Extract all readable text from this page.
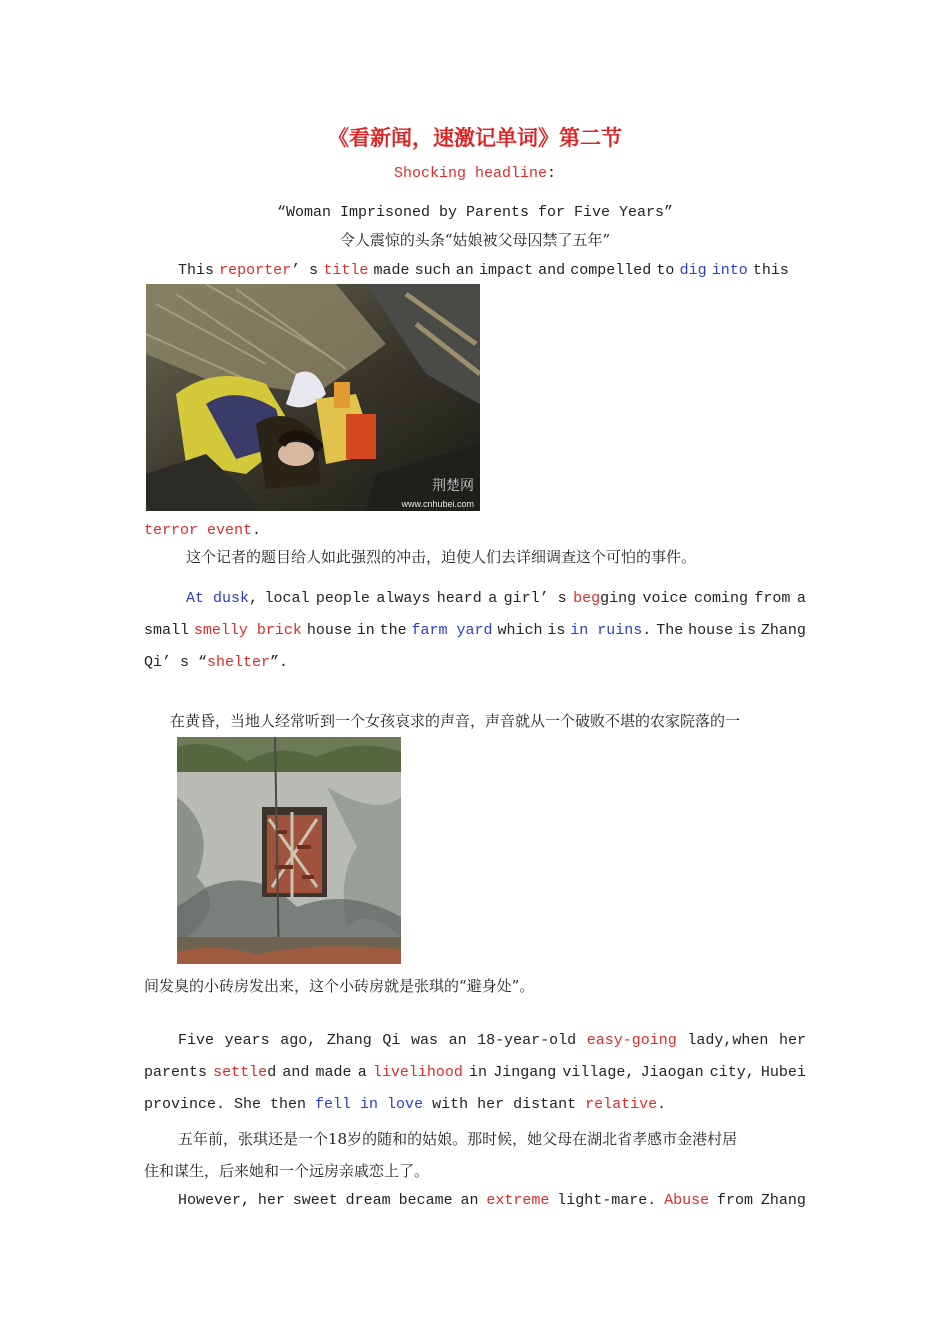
《看新闻，速激记单词》第二节
Shocking headline:
“Woman Imprisoned by Parents for Five Years”
令人震惊的头条“姑娘被父母囚禁了五年”
This reporter’ s title made such an impact and compelled to dig into this
荆楚网
www.cnhubei.com
terror event.
这个记者的题目给人如此强烈的冲击，迫使人们去详细调查这个可怕的事件。
At dusk, local people always heard a girl’ s begging voice coming from a
small smelly brick house in the farm yard which is in ruins. The house is Zhang
Qi’ s “shelter”.
在黄昏，当地人经常听到一个女孩哀求的声音，声音就从一个破败不堪的农家院落的一
间发臭的小砖房发出来，这个小砖房就是张琪的“避身处”。
Five years ago, Zhang Qi was an 18-year-old easy-going lady,when her
parents settled and made a livelihood in Jingang village, Jiaogan city, Hubei
province. She then fell in love with her distant relative.
五年前，张琪还是一个18岁的随和的姑娘。那时候，她父母在湖北省孝感市金港村居
住和谋生，后来她和一个远房亲戚恋上了。
However, her sweet dream became an extreme light-mare. Abuse from Zhang
